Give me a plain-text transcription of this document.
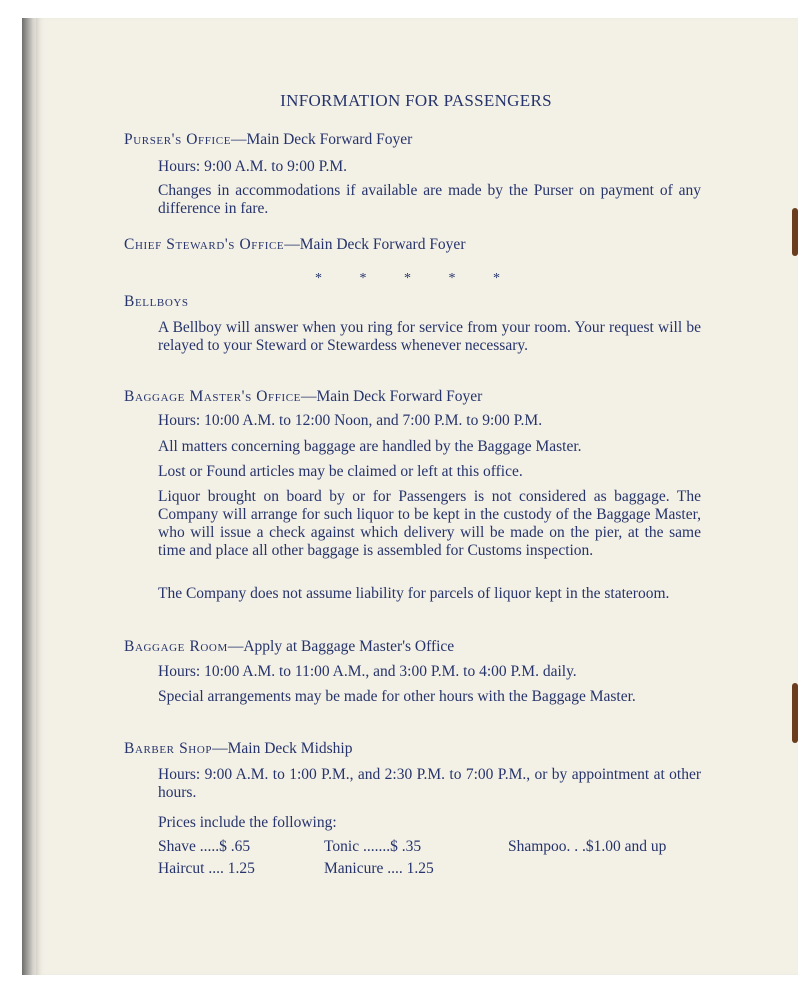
INFORMATION FOR PASSENGERS
Purser's Office—Main Deck Forward Foyer
Hours: 9:00 A.M. to 9:00 P.M.
Changes in accommodations if available are made by the Purser on payment of any difference in fare.
Chief Steward's Office—Main Deck Forward Foyer
* * * * *
Bellboys
A Bellboy will answer when you ring for service from your room. Your request will be relayed to your Steward or Stewardess whenever necessary.
Baggage Master's Office—Main Deck Forward Foyer
Hours: 10:00 A.M. to 12:00 Noon, and 7:00 P.M. to 9:00 P.M.
All matters concerning baggage are handled by the Baggage Master.
Lost or Found articles may be claimed or left at this office.
Liquor brought on board by or for Passengers is not considered as baggage. The Company will arrange for such liquor to be kept in the custody of the Baggage Master, who will issue a check against which delivery will be made on the pier, at the same time and place all other baggage is assembled for Customs inspection.
The Company does not assume liability for parcels of liquor kept in the stateroom.
Baggage Room—Apply at Baggage Master's Office
Hours: 10:00 A.M. to 11:00 A.M., and 3:00 P.M. to 4:00 P.M. daily.
Special arrangements may be made for other hours with the Baggage Master.
Barber Shop—Main Deck Midship
Hours: 9:00 A.M. to 1:00 P.M., and 2:30 P.M. to 7:00 P.M., or by appointment at other hours.
Prices include the following:
Shave .....$ .65	Tonic .......$ .35	Shampoo. . .$1.00 and up
Haircut .... 1.25	Manicure .... 1.25
